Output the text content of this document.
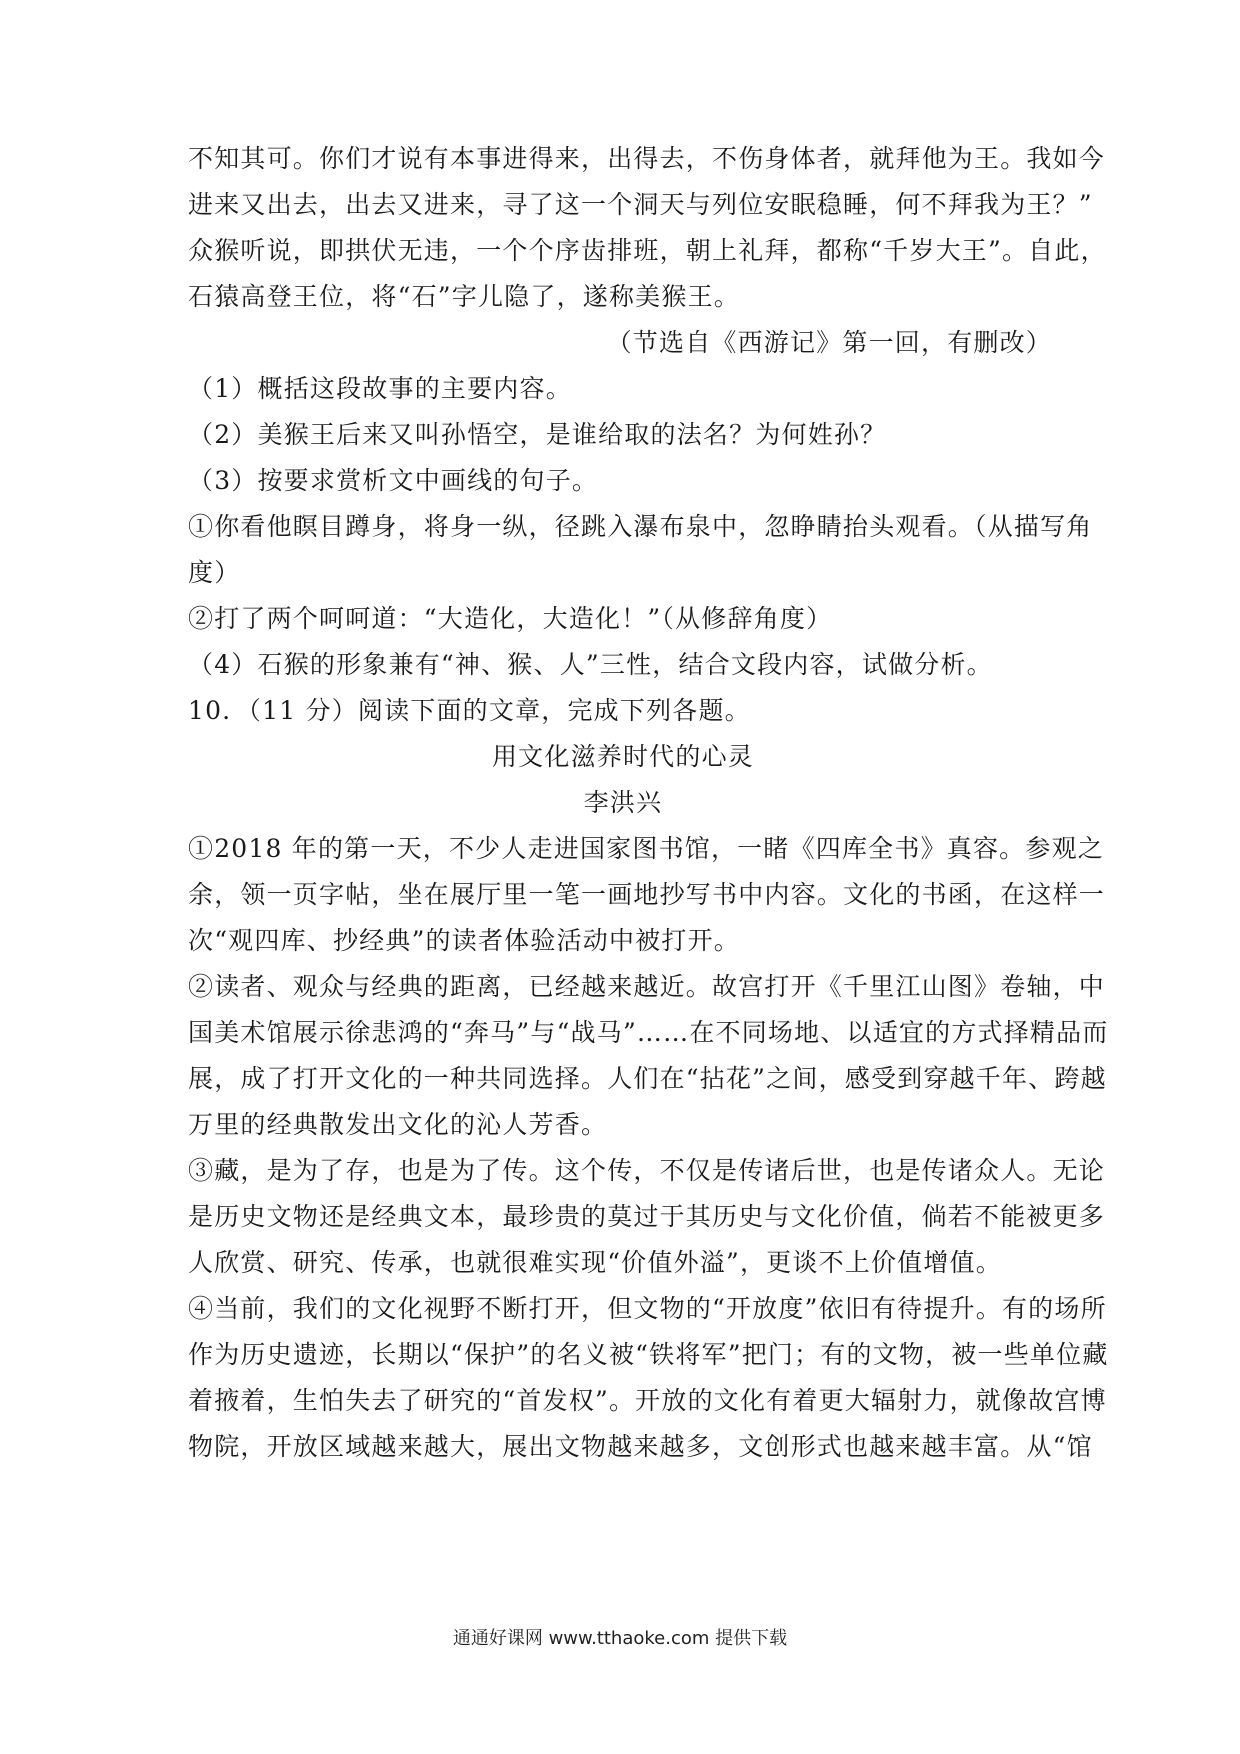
不知其可。你们才说有本事进得来，出得去，不伤身体者，就拜他为王。我如今
进来又出去，出去又进来，寻了这一个洞天与列位安眠稳睡，何不拜我为王？”
众猴听说，即拱伏无违，一个个序齿排班，朝上礼拜，都称“千岁大王”。自此，
石猿高登王位，将“石”字儿隐了，遂称美猴王。
（节选自《西游记》第一回，有删改）
（1）概括这段故事的主要内容。
（2）美猴王后来又叫孙悟空，是谁给取的法名？为何姓孙？
（3）按要求赏析文中画线的句子。
①你看他瞑目蹲身，将身一纵，径跳入瀑布泉中，忽睁睛抬头观看。（从描写角
度）
②打了两个呵呵道：“大造化，大造化！”（从修辞角度）
（4）石猴的形象兼有“神、猴、人”三性，结合文段内容，试做分析。
10．（11 分）阅读下面的文章，完成下列各题。
用文化滋养时代的心灵
李洪兴
①2018 年的第一天，不少人走进国家图书馆，一睹《四库全书》真容。参观之
余，领一页字帖，坐在展厅里一笔一画地抄写书中内容。文化的书函，在这样一
次“观四库、抄经典”的读者体验活动中被打开。
②读者、观众与经典的距离，已经越来越近。故宫打开《千里江山图》卷轴，中
国美术馆展示徐悲鸿的“奔马”与“战马”……在不同场地、以适宜的方式择精品而
展，成了打开文化的一种共同选择。人们在“拈花”之间，感受到穿越千年、跨越
万里的经典散发出文化的沁人芳香。
③藏，是为了存，也是为了传。这个传，不仅是传诸后世，也是传诸众人。无论
是历史文物还是经典文本，最珍贵的莫过于其历史与文化价值，倘若不能被更多
人欣赏、研究、传承，也就很难实现“价值外溢”，更谈不上价值增值。
④当前，我们的文化视野不断打开，但文物的“开放度”依旧有待提升。有的场所
作为历史遗迹，长期以“保护”的名义被“铁将军”把门；有的文物，被一些单位藏
着掖着，生怕失去了研究的“首发权”。开放的文化有着更大辐射力，就像故宫博
物院，开放区域越来越大，展出文物越来越多，文创形式也越来越丰富。从“馆
通通好课网 www.tthaoke.com 提供下载
